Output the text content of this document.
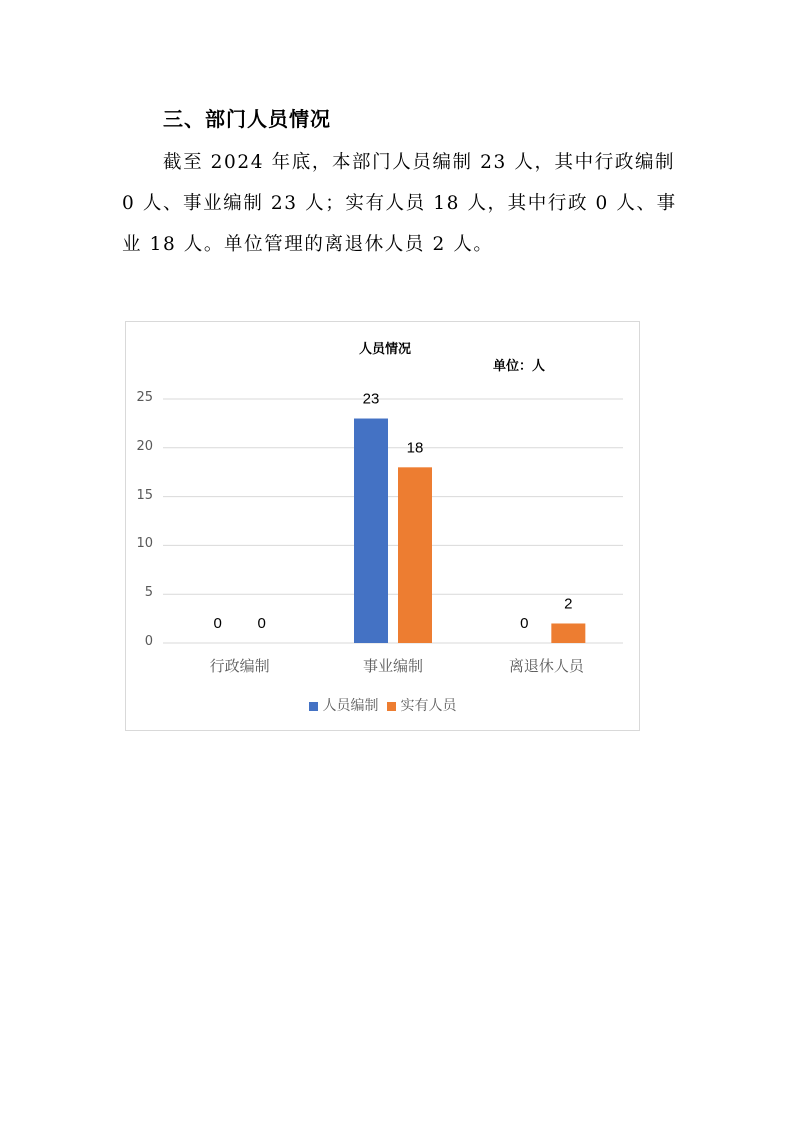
三、部门人员情况
截至 2024 年底，本部门人员编制 23 人，其中行政编制
0 人、事业编制 23 人；实有人员 18 人，其中行政 0 人、事
业 18 人。单位管理的离退休人员 2 人。
人员情况
单位：人
0 0
23
18
0
2
0
5
10
15
20
25
行政编制	事业编制	离退休人员
人员编制 实有人员
